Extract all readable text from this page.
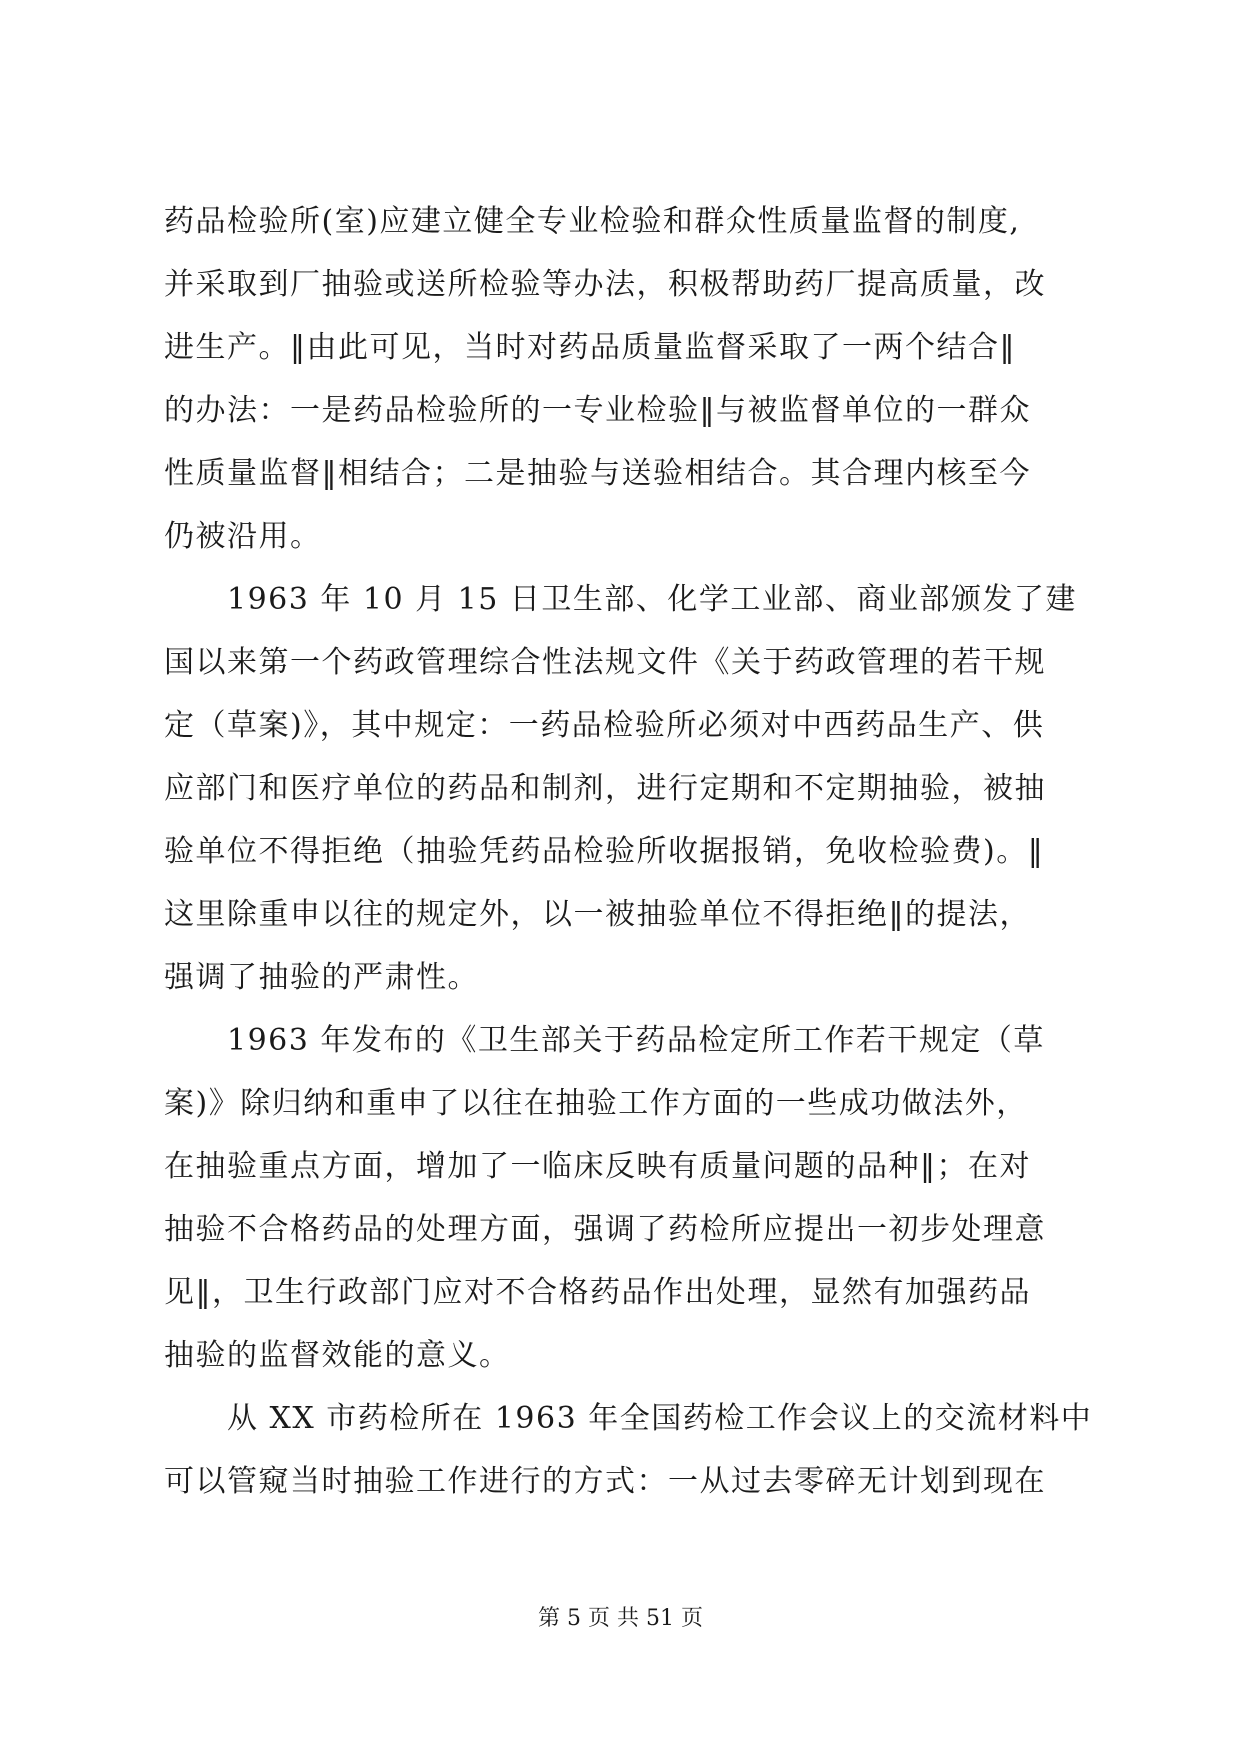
药品检验所(室)应建立健全专业检验和群众性质量监督的制度,
并采取到厂抽验或送所检验等办法，积极帮助药厂提高质量，改
进生产。‖由此可见，当时对药品质量监督采取了一两个结合‖
的办法：一是药品检验所的一专业检验‖与被监督单位的一群众
性质量监督‖相结合；二是抽验与送验相结合。其合理内核至今
仍被沿用。
　　1963 年 10 月 15 日卫生部、化学工业部、商业部颁发了建
国以来第一个药政管理综合性法规文件《关于药政管理的若干规
定（草案)》，其中规定：一药品检验所必须对中西药品生产、供
应部门和医疗单位的药品和制剂，进行定期和不定期抽验，被抽
验单位不得拒绝（抽验凭药品检验所收据报销，免收检验费)。‖
这里除重申以往的规定外，以一被抽验单位不得拒绝‖的提法，
强调了抽验的严肃性。
　　1963 年发布的《卫生部关于药品检定所工作若干规定（草
案)》除归纳和重申了以往在抽验工作方面的一些成功做法外，
在抽验重点方面，增加了一临床反映有质量问题的品种‖；在对
抽验不合格药品的处理方面，强调了药检所应提出一初步处理意
见‖，卫生行政部门应对不合格药品作出处理，显然有加强药品
抽验的监督效能的意义。
　　从 XX 市药检所在 1963 年全国药检工作会议上的交流材料中
可以管窥当时抽验工作进行的方式：一从过去零碎无计划到现在
第 5 页 共 51 页
